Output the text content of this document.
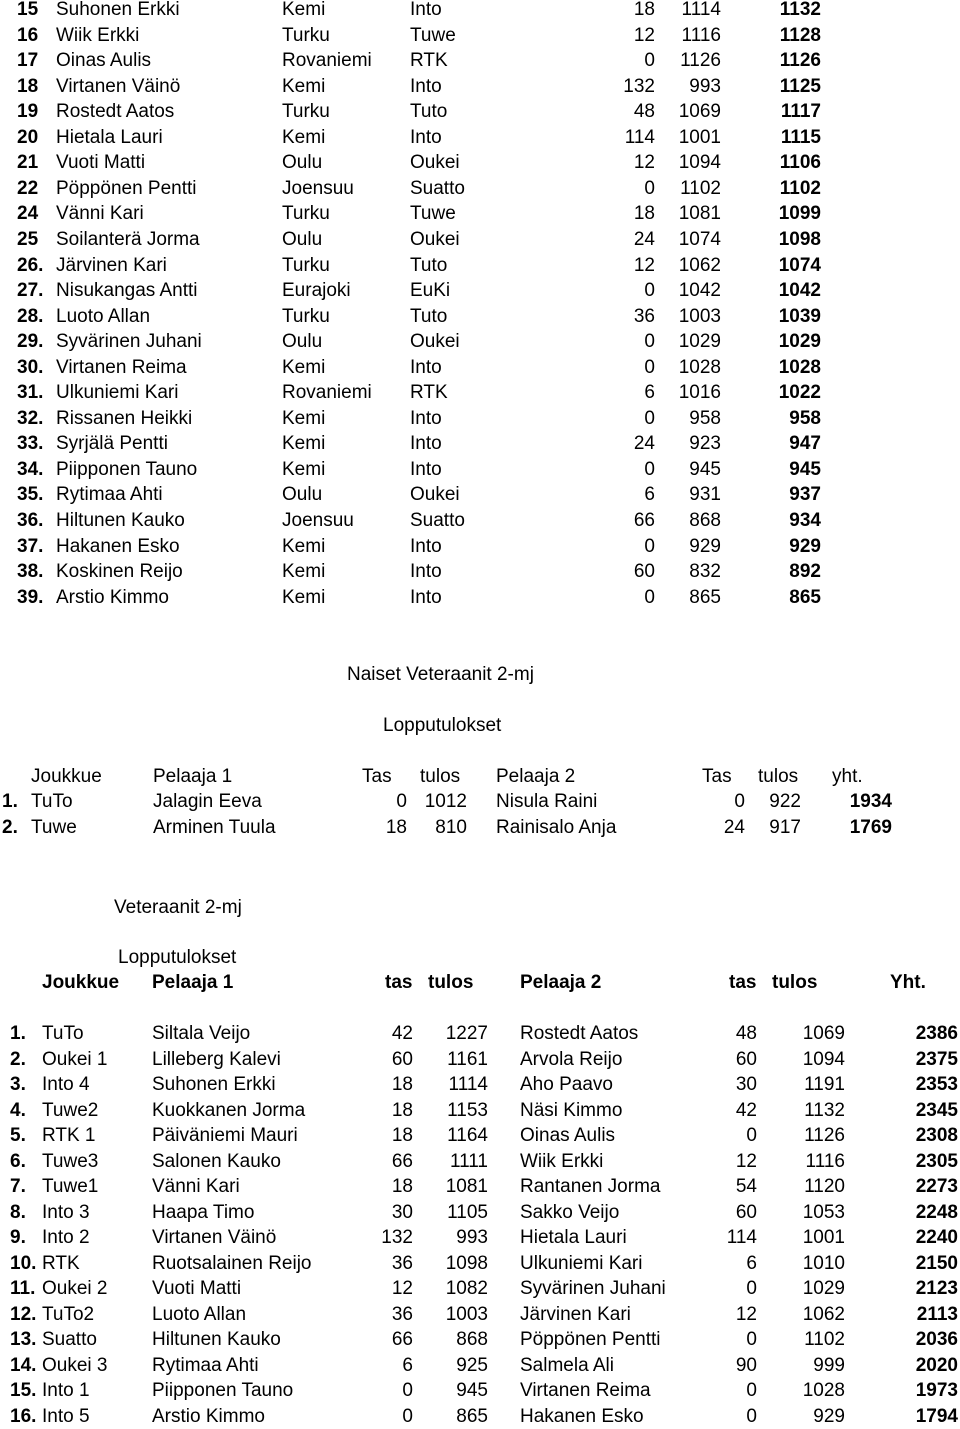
15 Suhonen Erkki	Kemi	Into	18 1114	1132
16 Wiik Erkki	Turku	Tuwe	12 1116	1128
17 Oinas Aulis	Rovaniemi RTK	0 1126	1126
18 Virtanen Väinö	Kemi	Into	132 993	1125
19 Rostedt Aatos	Turku	Tuto	48 1069	1117
20 Hietala Lauri	Kemi	Into	114 1001	1115
21 Vuoti Matti	Oulu	Oukei	12 1094	1106
22 Pöppönen Pentti	Joensuu	Suatto	0 1102	1102
24 Vänni Kari	Turku	Tuwe	18 1081	1099
25 Soilanterä Jorma	Oulu	Oukei	24 1074	1098
26. Järvinen Kari	Turku	Tuto	12 1062	1074
27. Nisukangas Antti	Eurajoki	EuKi	0 1042	1042
28. Luoto Allan	Turku	Tuto	36 1003	1039
29. Syvärinen Juhani	Oulu	Oukei	0 1029	1029
30. Virtanen Reima	Kemi	Into	0 1028	1028
31. Ulkuniemi Kari	Rovaniemi RTK	6 1016	1022
32. Rissanen Heikki	Kemi	Into	0 958	958
33. Syrjälä Pentti	Kemi	Into	24 923	947
34. Piipponen Tauno	Kemi	Into	0 945	945
35. Rytimaa Ahti	Oulu	Oukei	6 931	937
36. Hiltunen Kauko	Joensuu	Suatto	66 868	934
37. Hakanen Esko	Kemi	Into	0 929	929
38. Koskinen Reijo	Kemi	Into	60 832	892
39. Arstio Kimmo	Kemi	Into	0 865	865
Naiset Veteraanit 2-mj
Lopputulokset
Joukkue	Pelaaja 1	Tas tulos Pelaaja 2	Tas tulos yht.
1. TuTo	Jalagin Eeva	0 1012 Nisula Raini	0 922	1934
2. Tuwe	Arminen Tuula	18 810 Rainisalo Anja	24 917	1769
Veteraanit 2-mj
Lopputulokset
Joukkue Pelaaja 1	tas tulos Pelaaja 2	tas tulos	Yht.
1. TuTo	Siltala Veijo	42 1227 Rostedt Aatos	48 1069	2386
2. Oukei 1 Lilleberg Kalevi	60 1161 Arvola Reijo	60 1094	2375
3. Into 4	Suhonen Erkki	18 1114 Aho Paavo	30 1191	2353
4. Tuwe2	Kuokkanen Jorma	18 1153 Näsi Kimmo	42 1132	2345
5. RTK 1	Päiväniemi Mauri	18 1164 Oinas Aulis	0 1126	2308
6. Tuwe3	Salonen Kauko	66 1111 Wiik Erkki	12	1116	2305
7. Tuwe1	Vänni Kari	18 1081 Rantanen Jorma	54 1120	2273
8. Into 3	Haapa Timo	30 1105 Sakko Veijo	60 1053	2248
9. Into 2	Virtanen Väinö	132 993 Hietala Lauri	114 1001	2240
10. RTK	Ruotsalainen Reijo	36 1098 Ulkuniemi Kari	6 1010	2150
11. Oukei 2 Vuoti Matti	12 1082 Syvärinen Juhani	0 1029	2123
12. TuTo2	Luoto Allan	36 1003 Järvinen Kari	12 1062	2113
13. Suatto	Hiltunen Kauko	66 868 Pöppönen Pentti	0 1102	2036
14. Oukei 3 Rytimaa Ahti	6 925 Salmela Ali	90	999	2020
15. Into 1	Piipponen Tauno	0 945 Virtanen Reima	0 1028	1973
16. Into 5	Arstio Kimmo	0 865 Hakanen Esko	0	929	1794
